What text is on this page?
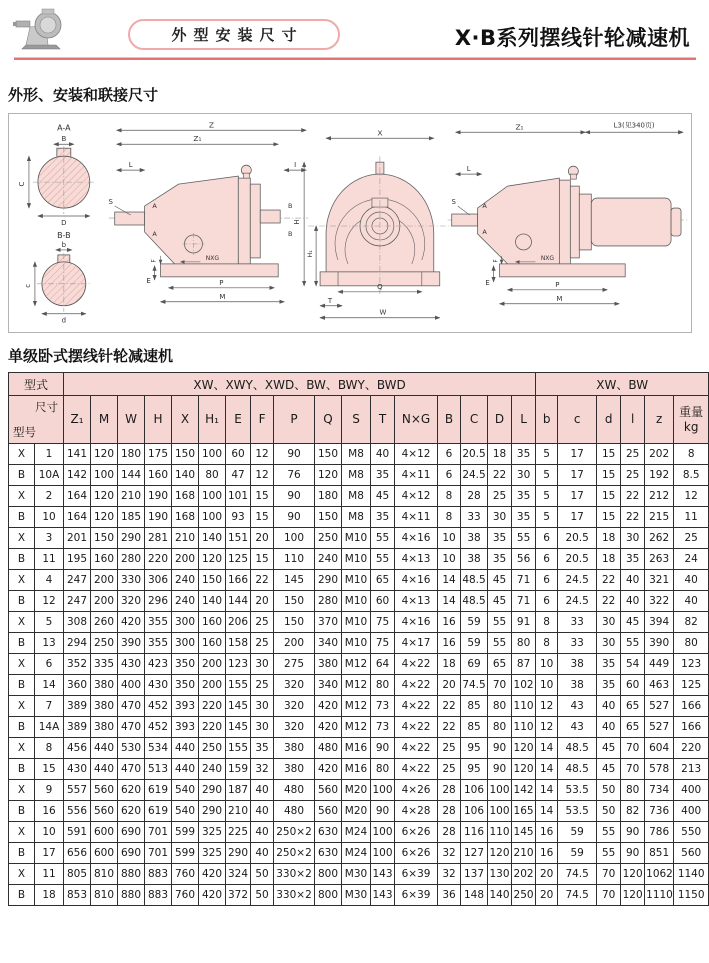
外型安装尺寸	X·B系列摆线针轮减速机
外形、安装和联接尺寸
A-A
B
C
D
B-B
b
c
d
Z
Z₁
L	I
S	A
A
B
B
NXG
F
E	P
M
X
H
H₁
Q
T
W
Z₁	L3(见340页)
L
S	A
A
NXG
F
E	P
M
单级卧式摆线针轮减速机
型式		XW、XWY、XWD、BW、BWY、BWD																	XW、BW					

尺寸

型号		Z₁	M	W	H	X	H₁	E	F	P	Q	S	T	N×G	B	C	D	L	b	c	d	l	z	重量
kg
X	1	141	120	180	175	150	100	60	12	90	150	M8	40	4×12	6	20.5	18	35	5	17	15	25	202	8
B	10A	142	100	144	160	140	80	47	12	76	120	M8	35	4×11	6	24.5	22	30	5	17	15	25	192	8.5
X	2	164	120	210	190	168	100	101	15	90	180	M8	45	4×12	8	28	25	35	5	17	15	22	212	12
B	10	164	120	185	190	168	100	93	15	90	150	M8	35	4×11	8	33	30	35	5	17	15	22	215	11
X	3	201	150	290	281	210	140	151	20	100	250	M10	55	4×16	10	38	35	55	6	20.5	18	30	262	25
B	11	195	160	280	220	200	120	125	15	110	240	M10	55	4×13	10	38	35	56	6	20.5	18	35	263	24
X	4	247	200	330	306	240	150	166	22	145	290	M10	65	4×16	14	48.5	45	71	6	24.5	22	40	321	40
B	12	247	200	320	296	240	140	144	20	150	280	M10	60	4×13	14	48.5	45	71	6	24.5	22	40	322	40
X	5	308	260	420	355	300	160	206	25	150	370	M10	75	4×16	16	59	55	91	8	33	30	45	394	82
B	13	294	250	390	355	300	160	158	25	200	340	M10	75	4×17	16	59	55	80	8	33	30	55	390	80
X	6	352	335	430	423	350	200	123	30	275	380	M12	64	4×22	18	69	65	87	10	38	35	54	449	123
B	14	360	380	400	430	350	200	155	25	320	340	M12	80	4×22	20	74.5	70	102	10	38	35	60	463	125
X	7	389	380	470	452	393	220	145	30	320	420	M12	73	4×22	22	85	80	110	12	43	40	65	527	166
B	14A	389	380	470	452	393	220	145	30	320	420	M12	73	4×22	22	85	80	110	12	43	40	65	527	166
X	8	456	440	530	534	440	250	155	35	380	480	M16	90	4×22	25	95	90	120	14	48.5	45	70	604	220
B	15	430	440	470	513	440	240	159	32	380	420	M16	80	4×22	25	95	90	120	14	48.5	45	70	578	213
X	9	557	560	620	619	540	290	187	40	480	560	M20	100	4×26	28	106	100	142	14	53.5	50	80	734	400
B	16	556	560	620	619	540	290	210	40	480	560	M20	90	4×28	28	106	100	165	14	53.5	50	82	736	400
X	10	591	600	690	701	599	325	225	40	250×2	630	M24	100	6×26	28	116	110	145	16	59	55	90	786	550
B	17	656	600	690	701	599	325	290	40	250×2	630	M24	100	6×26	32	127	120	210	16	59	55	90	851	560
X	11	805	810	880	883	760	420	324	50	330×2	800	M30	143	6×39	32	137	130	202	20	74.5	70	120	1062	1140
B	18	853	810	880	883	760	420	372	50	330×2	800	M30	143	6×39	36	148	140	250	20	74.5	70	120	1110	1150
